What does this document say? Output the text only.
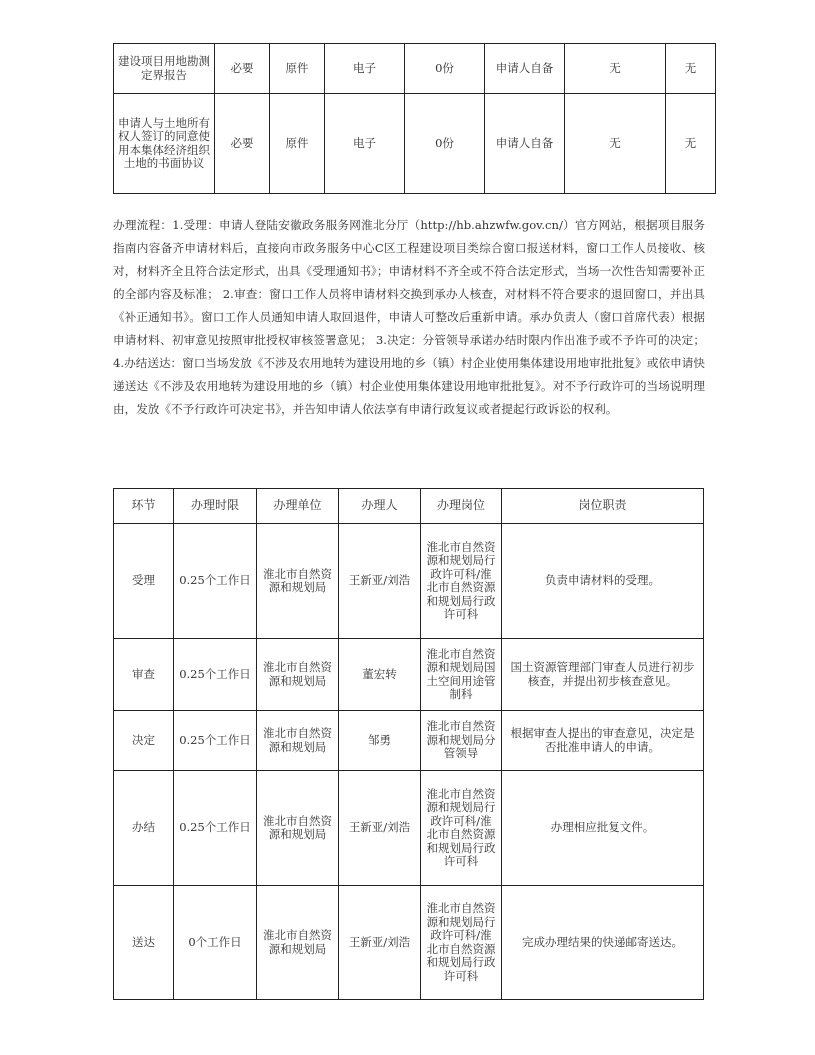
建设项目用地勘测定界报告	必要	原件	电子	0份	申请人自备	无	无
申请人与土地所有权人签订的同意使用本集体经济组织土地的书面协议	必要	原件	电子	0份	申请人自备	无	无

办理流程：1.受理：申请人登陆安徽政务服务网淮北分厅（http://hb.ahzwfw.gov.cn/）官方网站，根据项目服务指南内容备齐申请材料后，直接向市政务服务中心C区工程建设项目类综合窗口报送材料，窗口工作人员接收、核对，材料齐全且符合法定形式，出具《受理通知书》；申请材料不齐全或不符合法定形式，当场一次性告知需要补正的全部内容及标准； 2.审查：窗口工作人员将申请材料交换到承办人核查，对材料不符合要求的退回窗口，并出具《补正通知书》。窗口工作人员通知申请人取回退件，申请人可整改后重新申请。承办负责人（窗口首席代表）根据申请材料、初审意见按照审批授权审核签署意见； 3.决定：分管领导承诺办结时限内作出准予或不予许可的决定； 4.办结送达：窗口当场发放《不涉及农用地转为建设用地的乡（镇）村企业使用集体建设用地审批批复》或依申请快递送达《不涉及农用地转为建设用地的乡（镇）村企业使用集体建设用地审批批复》。对不予行政许可的当场说明理由，发放《不予行政许可决定书》，并告知申请人依法享有申请行政复议或者提起行政诉讼的权利。

环节	办理时限	办理单位	办理人	办理岗位	岗位职责
受理	0.25个工作日	淮北市自然资源和规划局	王新亚/刘浩	淮北市自然资源和规划局行政许可科/淮北市自然资源和规划局行政许可科	负责申请材料的受理。
审查	0.25个工作日	淮北市自然资源和规划局	董宏转	淮北市自然资源和规划局国土空间用途管制科	国土资源管理部门审查人员进行初步核查，并提出初步核查意见。
决定	0.25个工作日	淮北市自然资源和规划局	邹勇	淮北市自然资源和规划局分管领导	根据审查人提出的审查意见，决定是否批准申请人的申请。
办结	0.25个工作日	淮北市自然资源和规划局	王新亚/刘浩	淮北市自然资源和规划局行政许可科/淮北市自然资源和规划局行政许可科	办理相应批复文件。
送达	0个工作日	淮北市自然资源和规划局	王新亚/刘浩	淮北市自然资源和规划局行政许可科/淮北市自然资源和规划局行政许可科	完成办理结果的快递邮寄送达。
